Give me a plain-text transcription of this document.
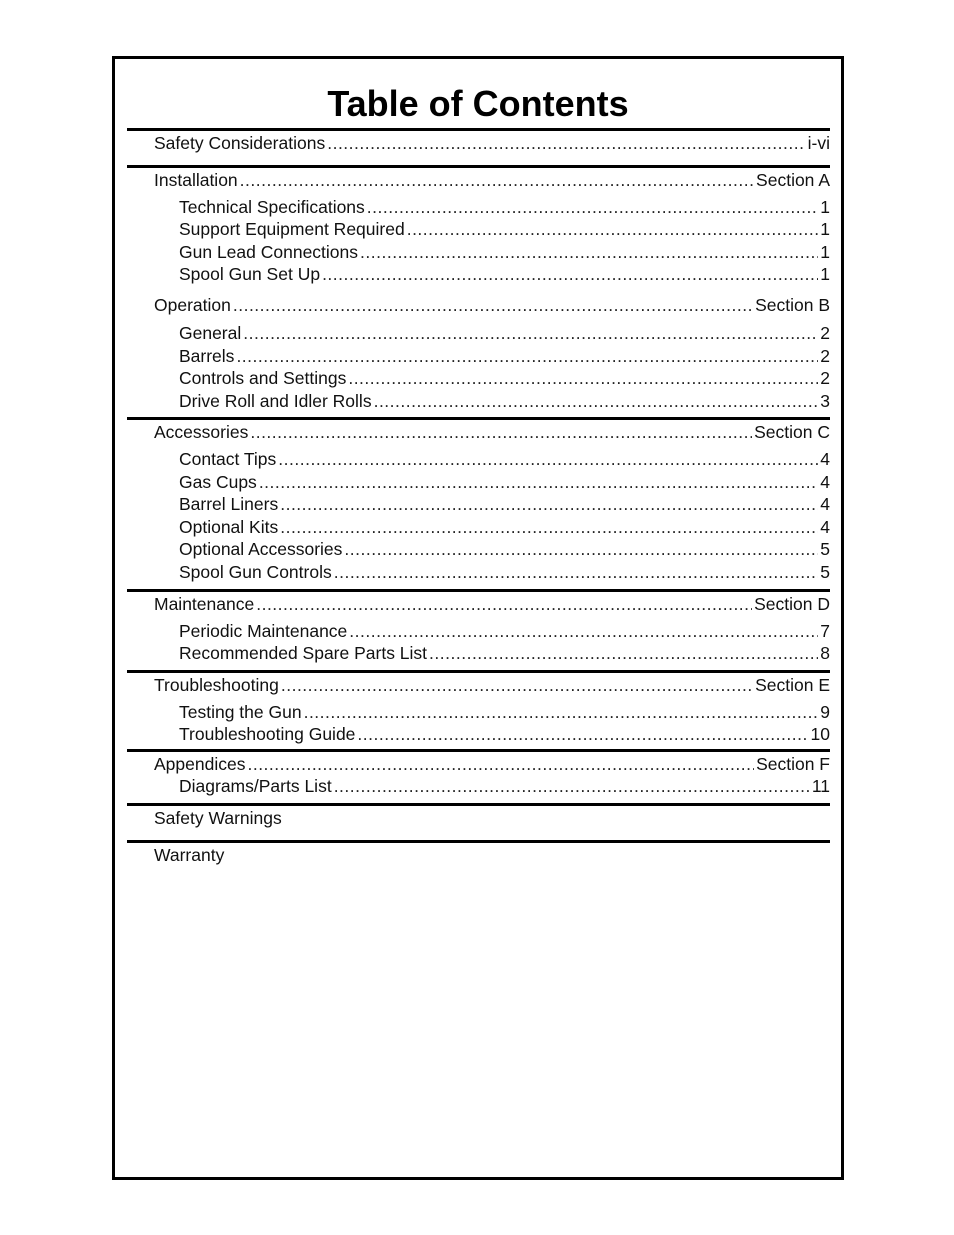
Table of Contents
Safety Considerations .....	i-vi
Installation .....	Section A
Technical Specifications .....	1
Support Equipment Required .....	1
Gun Lead Connections .....	1
Spool Gun Set Up .....	1
Operation .....	Section B
General .....	2
Barrels .....	2
Controls and Settings .....	2
Drive Roll and Idler Rolls .....	3
Accessories .....	Section C
Contact Tips .....	4
Gas Cups .....	4
Barrel Liners .....	4
Optional Kits .....	4
Optional Accessories .....	5
Spool Gun Controls .....	5
Maintenance .....	Section D
Periodic Maintenance .....	7
Recommended Spare Parts List .....	8
Troubleshooting .....	Section E
Testing the Gun .....	9
Troubleshooting Guide .....	10
Appendices .....	Section F
Diagrams/Parts List .....	11
Safety Warnings
Warranty
